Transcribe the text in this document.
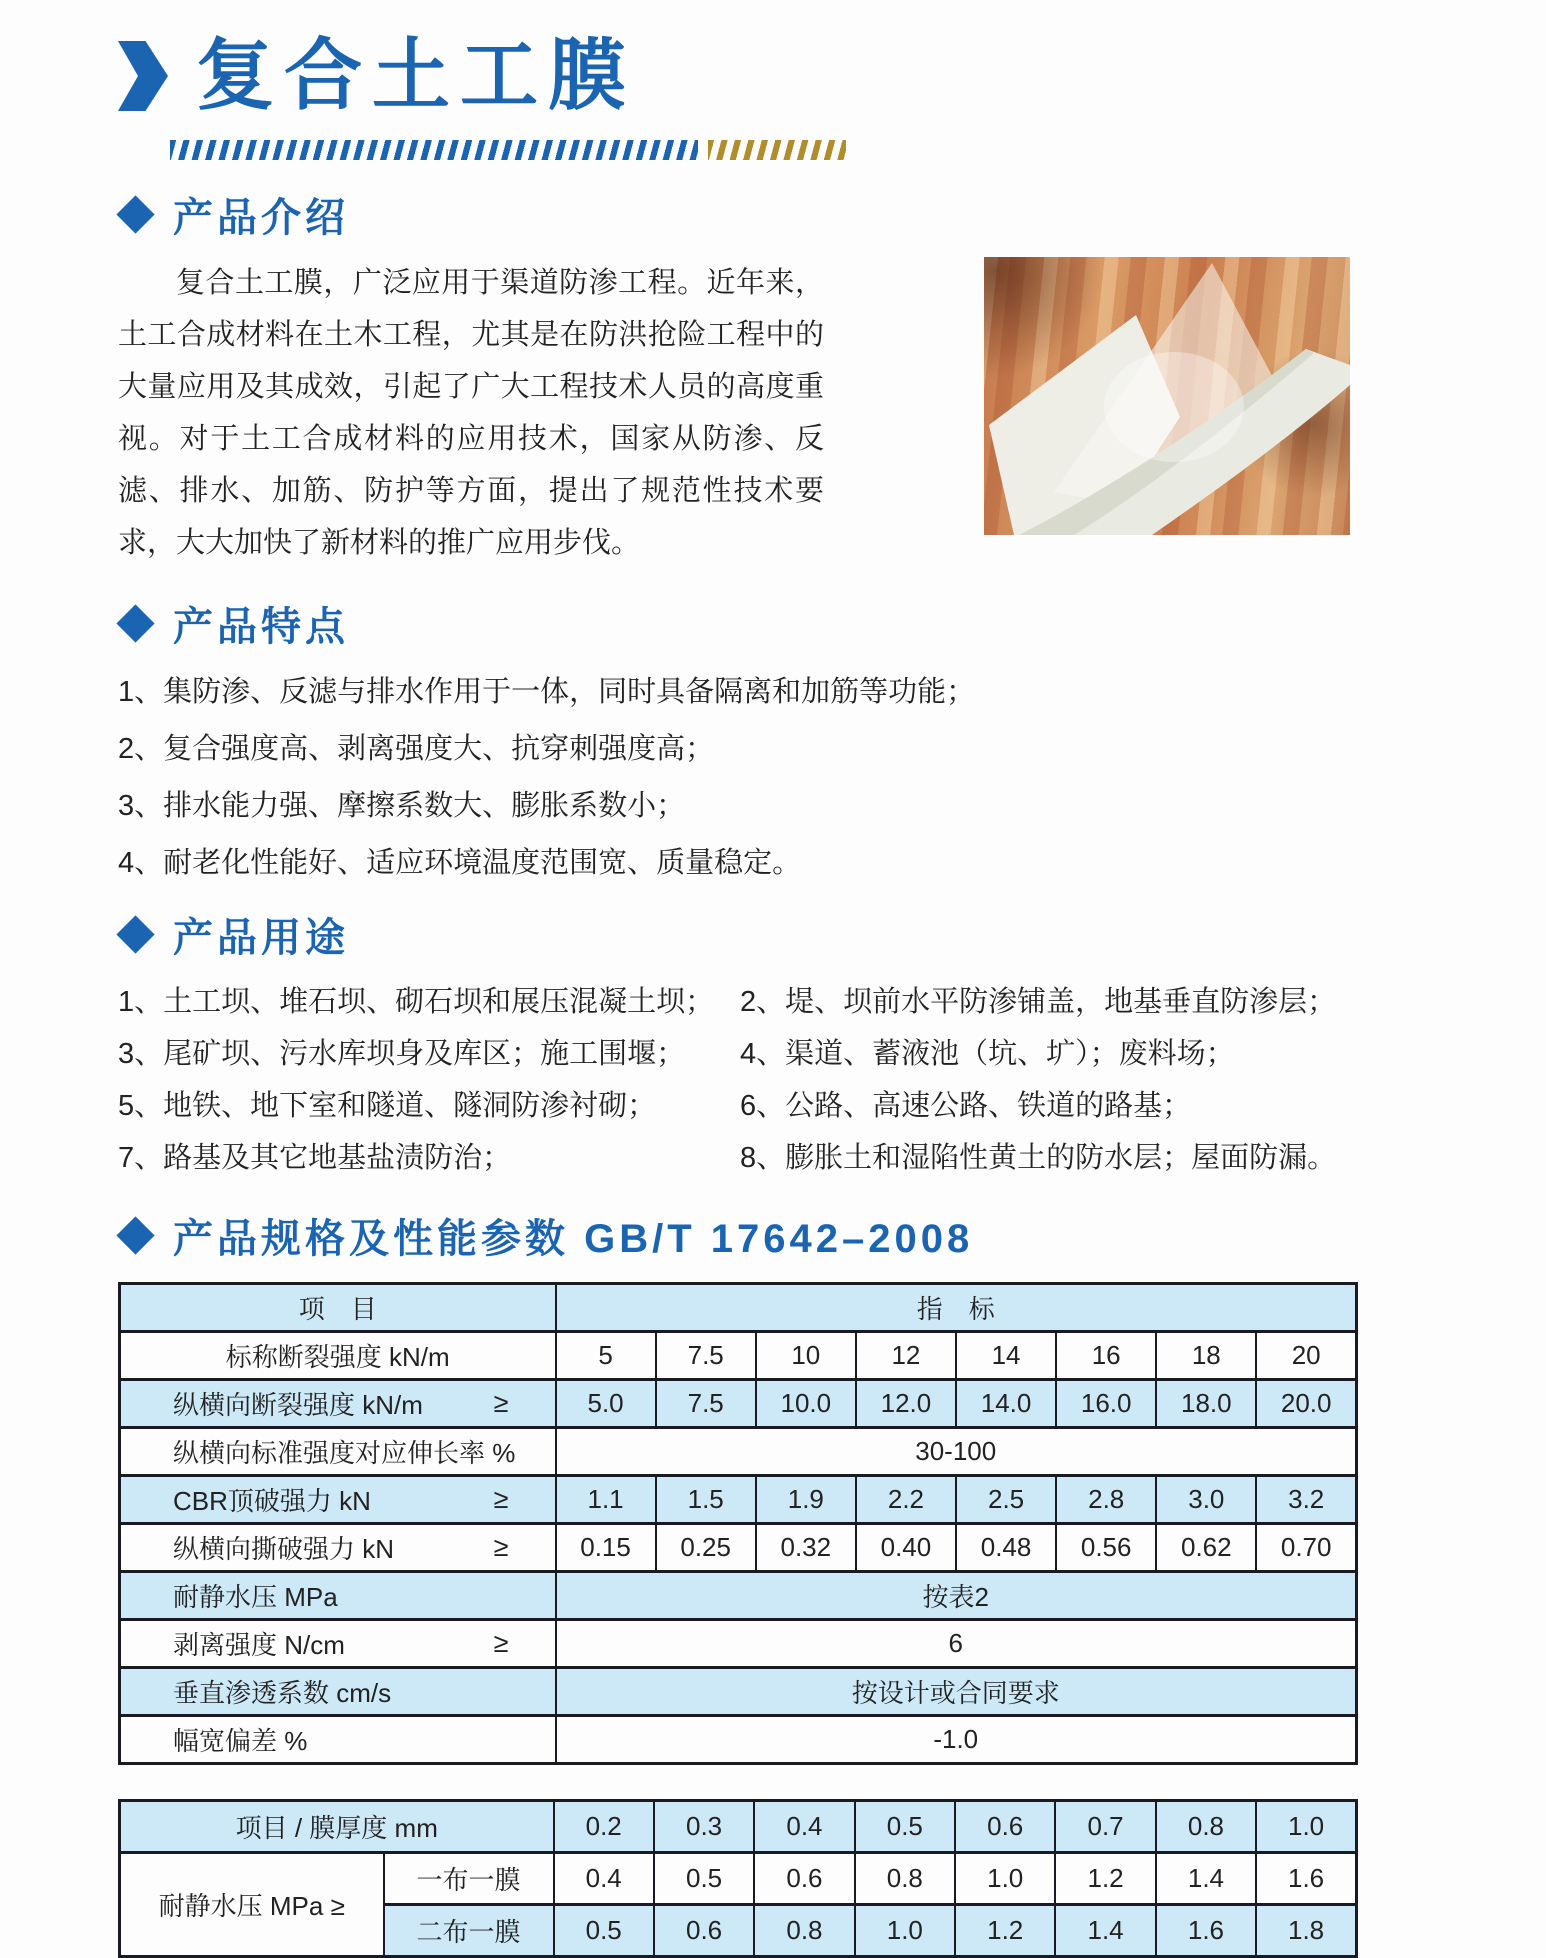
复合土工膜
产品介绍

复合土工膜，广泛应用于渠道防渗工程。近年来，土工合成材料在土木工程，尤其是在防洪抢险工程中的大量应用及其成效，引起了广大工程技术人员的高度重视。对于土工合成材料的应用技术，国家从防渗、反滤、排水、加筋、防护等方面，提出了规范性技术要求，大大加快了新材料的推广应用步伐。

产品特点

1、集防渗、反滤与排水作用于一体，同时具备隔离和加筋等功能；

2、复合强度高、剥离强度大、抗穿刺强度高；

3、排水能力强、摩擦系数大、膨胀系数小；

4、耐老化性能好、适应环境温度范围宽、质量稳定。

产品用途
1、土工坝、堆石坝、砌石坝和展压混凝土坝； 2、堤、坝前水平防渗铺盖，地基垂直防渗层；
3、尾矿坝、污水库坝身及库区；施工围堰；	4、渠道、蓄液池（坑、圹）；废料场；
5、地铁、地下室和隧道、隧洞防渗衬砌；	6、公路、高速公路、铁道的路基；
7、路基及其它地基盐渍防治；	8、膨胀土和湿陷性黄土的防水层；屋面防漏。
产品规格及性能参数 GB/T 17642–2008
项　目	指　标							
标称断裂强度 kN/m	5	7.5	10	12	14	16	18	20

纵横向断裂强度 kN/m ≥	5.0	7.5	10.0	12.0	14.0	16.0	18.0	20.0

纵横向标准强度对应伸长率 %	30-100							

CBR顶破强力 kN ≥	1.1	1.5	1.9	2.2	2.5	2.8	3.0	3.2

纵横向撕破强力 kN ≥	0.15	0.25	0.32	0.40	0.48	0.56	0.62	0.70

耐静水压 MPa	按表2							

剥离强度 N/cm ≥	6							

垂直渗透系数 cm/s	按设计或合同要求							

幅宽偏差 %	-1.0							
项目 / 膜厚度 mm		0.2	0.3	0.4	0.5	0.6	0.7	0.8	1.0
耐静水压 MPa ≥	一布一膜	0.4	0.5	0.6	0.8	1.0	1.2	1.4	1.6
	二布一膜	0.5	0.6	0.8	1.0	1.2	1.4	1.6	1.8
